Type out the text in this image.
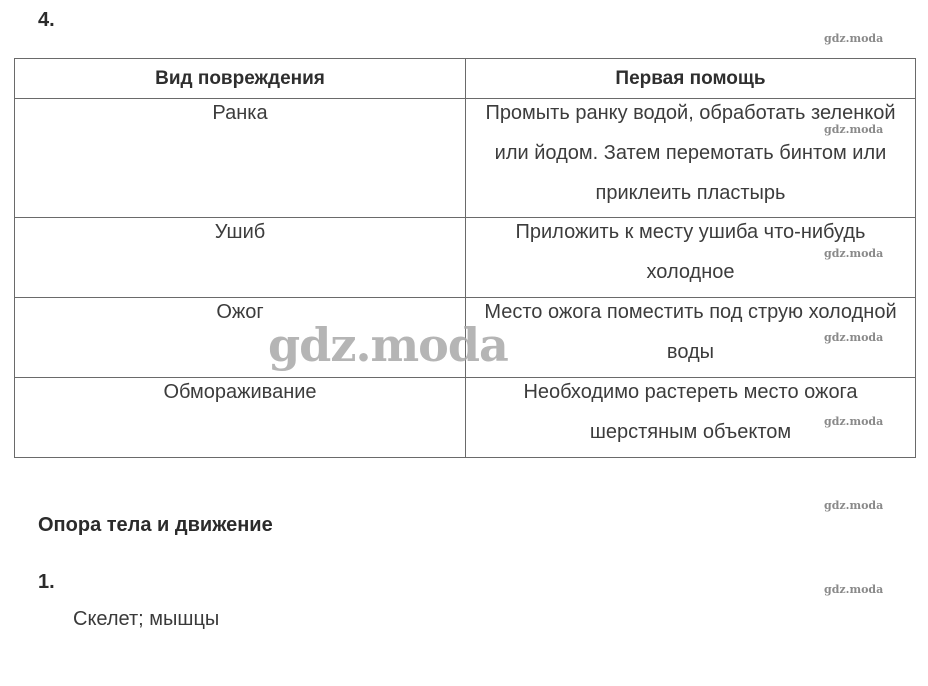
4.
gdz.moda
Вид повреждения	Первая помощь

Ранка	Промыть ранку водой, обработать зеленкой или йодом. Затем перемотать бинтом или приклеить пластырь

Ушиб	Приложить к месту ушиба что-нибудь холодное

Ожог	Место ожога поместить под струю холодной воды

Обмораживание	Необходимо растереть место ожога шерстяным объектом
gdz.moda
gdz.moda
gdz.moda
gdz.moda
gdz.moda
gdz.moda
Опора тела и движение
1.	gdz.moda
Скелет; мышцы
